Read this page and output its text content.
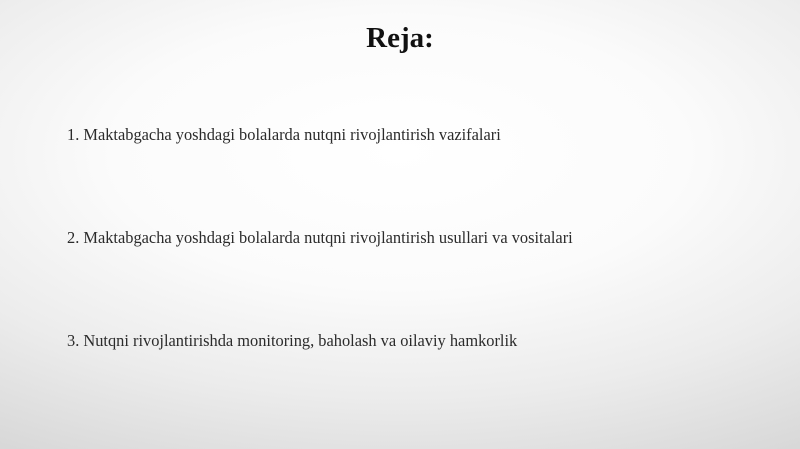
Reja:
1. Maktabgacha yoshdagi bolalarda nutqni rivojlantirish vazifalari
2. Maktabgacha yoshdagi bolalarda nutqni rivojlantirish usullari va vositalari
3. Nutqni rivojlantirishda monitoring, baholash va oilaviy hamkorlik
